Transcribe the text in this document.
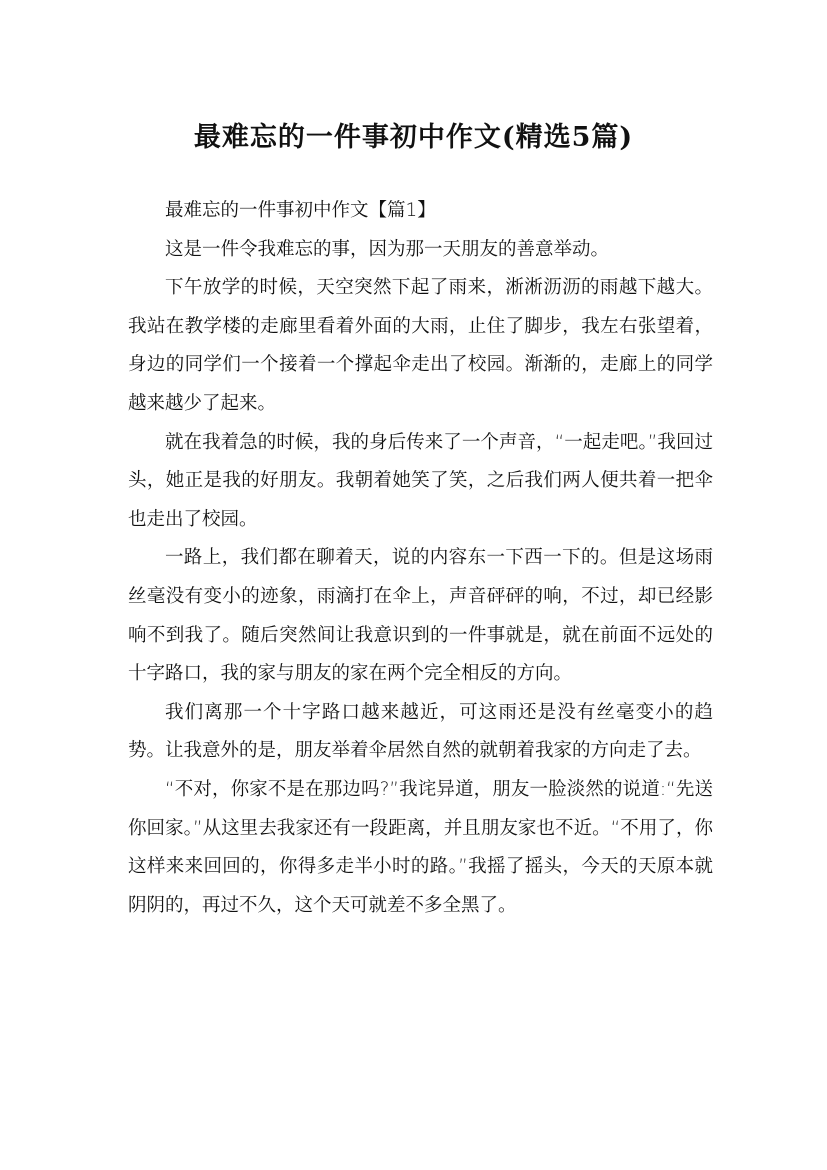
最难忘的一件事初中作文(精选5篇)

最难忘的一件事初中作文【篇1】

这是一件令我难忘的事，因为那一天朋友的善意举动。

下午放学的时候，天空突然下起了雨来，淅淅沥沥的雨越下越大。我站在教学楼的走廊里看着外面的大雨，止住了脚步，我左右张望着，身边的同学们一个接着一个撑起伞走出了校园。渐渐的，走廊上的同学越来越少了起来。

就在我着急的时候，我的身后传来了一个声音，“一起走吧。”我回过头，她正是我的好朋友。我朝着她笑了笑，之后我们两人便共着一把伞也走出了校园。

一路上，我们都在聊着天，说的内容东一下西一下的。但是这场雨丝毫没有变小的迹象，雨滴打在伞上，声音砰砰的响，不过，却已经影响不到我了。随后突然间让我意识到的一件事就是，就在前面不远处的十字路口，我的家与朋友的家在两个完全相反的方向。

我们离那一个十字路口越来越近，可这雨还是没有丝毫变小的趋势。让我意外的是，朋友举着伞居然自然的就朝着我家的方向走了去。

“不对，你家不是在那边吗?”我诧异道，朋友一脸淡然的说道:“先送你回家。”从这里去我家还有一段距离，并且朋友家也不近。“不用了，你这样来来回回的，你得多走半小时的路。”我摇了摇头，今天的天原本就阴阴的，再过不久，这个天可就差不多全黑了。
